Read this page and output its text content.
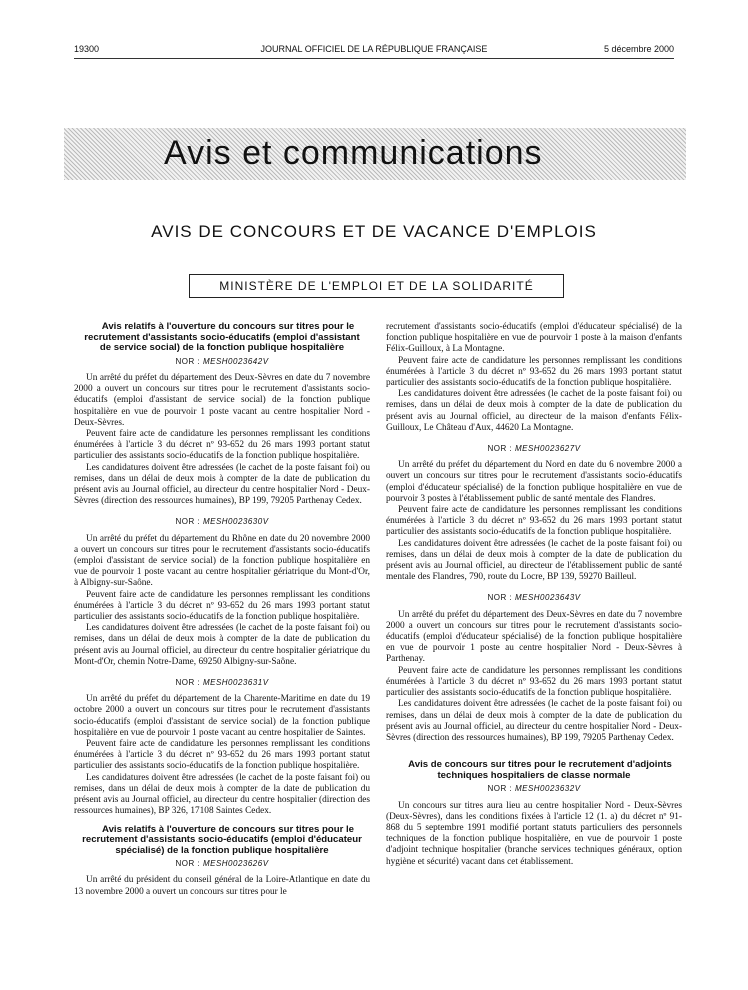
19300	JOURNAL OFFICIEL DE LA RÉPUBLIQUE FRANÇAISE	5 décembre 2000
Avis et communications
AVIS DE CONCOURS ET DE VACANCE D'EMPLOIS
MINISTÈRE DE L'EMPLOI ET DE LA SOLIDARITÉ

Avis relatifs à l'ouverture du concours sur titres pour le recrutement d'assistants socio-éducatifs (emploi d'assistant de service social) de la fonction publique hospitalière

NOR : MESH0023642V

Un arrêté du préfet du département des Deux-Sèvres en date du 7 novembre 2000 a ouvert un concours sur titres pour le recrutement d'assistants socio-éducatifs (emploi d'assistant de service social) de la fonction publique hospitalière en vue de pourvoir 1 poste vacant au centre hospitalier Nord - Deux-Sèvres.

Peuvent faire acte de candidature les personnes remplissant les conditions énumérées à l'article 3 du décret nº 93-652 du 26 mars 1993 portant statut particulier des assistants socio-éducatifs de la fonction publique hospitalière.

Les candidatures doivent être adressées (le cachet de la poste faisant foi) ou remises, dans un délai de deux mois à compter de la date de publication du présent avis au Journal officiel, au directeur du centre hospitalier Nord - Deux-Sèvres (direction des ressources humaines), BP 199, 79205 Parthenay Cedex.

NOR : MESH0023630V

Un arrêté du préfet du département du Rhône en date du 20 novembre 2000 a ouvert un concours sur titres pour le recrutement d'assistants socio-éducatifs (emploi d'assistant de service social) de la fonction publique hospitalière en vue de pourvoir 1 poste vacant au centre hospitalier gériatrique du Mont-d'Or, à Albigny-sur-Saône.

Peuvent faire acte de candidature les personnes remplissant les conditions énumérées à l'article 3 du décret nº 93-652 du 26 mars 1993 portant statut particulier des assistants socio-éducatifs de la fonction publique hospitalière.

Les candidatures doivent être adressées (le cachet de la poste faisant foi) ou remises, dans un délai de deux mois à compter de la date de publication du présent avis au Journal officiel, au directeur du centre hospitalier gériatrique du Mont-d'Or, chemin Notre-Dame, 69250 Albigny-sur-Saône.

NOR : MESH0023631V

Un arrêté du préfet du département de la Charente-Maritime en date du 19 octobre 2000 a ouvert un concours sur titres pour le recrutement d'assistants socio-éducatifs (emploi d'assistant de service social) de la fonction publique hospitalière en vue de pourvoir 1 poste vacant au centre hospitalier de Saintes.

Peuvent faire acte de candidature les personnes remplissant les conditions énumérées à l'article 3 du décret nº 93-652 du 26 mars 1993 portant statut particulier des assistants socio-éducatifs de la fonction publique hospitalière.

Les candidatures doivent être adressées (le cachet de la poste faisant foi) ou remises, dans un délai de deux mois à compter de la date de publication du présent avis au Journal officiel, au directeur du centre hospitalier (direction des ressources humaines), BP 326, 17108 Saintes Cedex.

Avis relatifs à l'ouverture de concours sur titres pour le recrutement d'assistants socio-éducatifs (emploi d'éducateur spécialisé) de la fonction publique hospitalière

NOR : MESH0023626V

Un arrêté du président du conseil général de la Loire-Atlantique en date du 13 novembre 2000 a ouvert un concours sur titres pour le

recrutement d'assistants socio-éducatifs (emploi d'éducateur spécialisé) de la fonction publique hospitalière en vue de pourvoir 1 poste à la maison d'enfants Félix-Guilloux, à La Montagne.

Peuvent faire acte de candidature les personnes remplissant les conditions énumérées à l'article 3 du décret nº 93-652 du 26 mars 1993 portant statut particulier des assistants socio-éducatifs de la fonction publique hospitalière.

Les candidatures doivent être adressées (le cachet de la poste faisant foi) ou remises, dans un délai de deux mois à compter de la date de publication du présent avis au Journal officiel, au directeur de la maison d'enfants Félix-Guilloux, Le Château d'Aux, 44620 La Montagne.

NOR : MESH0023627V

Un arrêté du préfet du département du Nord en date du 6 novembre 2000 a ouvert un concours sur titres pour le recrutement d'assistants socio-éducatifs (emploi d'éducateur spécialisé) de la fonction publique hospitalière en vue de pourvoir 3 postes à l'établissement public de santé mentale des Flandres.

Peuvent faire acte de candidature les personnes remplissant les conditions énumérées à l'article 3 du décret nº 93-652 du 26 mars 1993 portant statut particulier des assistants socio-éducatifs de la fonction publique hospitalière.

Les candidatures doivent être adressées (le cachet de la poste faisant foi) ou remises, dans un délai de deux mois à compter de la date de publication du présent avis au Journal officiel, au directeur de l'établissement public de santé mentale des Flandres, 790, route du Locre, BP 139, 59270 Bailleul.

NOR : MESH0023643V

Un arrêté du préfet du département des Deux-Sèvres en date du 7 novembre 2000 a ouvert un concours sur titres pour le recrutement d'assistants socio-éducatifs (emploi d'éducateur spécialisé) de la fonction publique hospitalière en vue de pourvoir 1 poste au centre hospitalier Nord - Deux-Sèvres à Parthenay.

Peuvent faire acte de candidature les personnes remplissant les conditions énumérées à l'article 3 du décret nº 93-652 du 26 mars 1993 portant statut particulier des assistants socio-éducatifs de la fonction publique hospitalière.

Les candidatures doivent être adressées (le cachet de la poste faisant foi) ou remises, dans un délai de deux mois à compter de la date de publication du présent avis au Journal officiel, au directeur du centre hospitalier Nord - Deux-Sèvres (direction des ressources humaines), BP 199, 79205 Parthenay Cedex.

Avis de concours sur titres pour le recrutement d'adjoints techniques hospitaliers de classe normale

NOR : MESH0023632V

Un concours sur titres aura lieu au centre hospitalier Nord - Deux-Sèvres (Deux-Sèvres), dans les conditions fixées à l'article 12 (1. a) du décret nº 91-868 du 5 septembre 1991 modifié portant statuts particuliers des personnels techniques de la fonction publique hospitalière, en vue de pourvoir 1 poste d'adjoint technique hospitalier (branche services techniques généraux, option hygiène et sécurité) vacant dans cet établissement.
